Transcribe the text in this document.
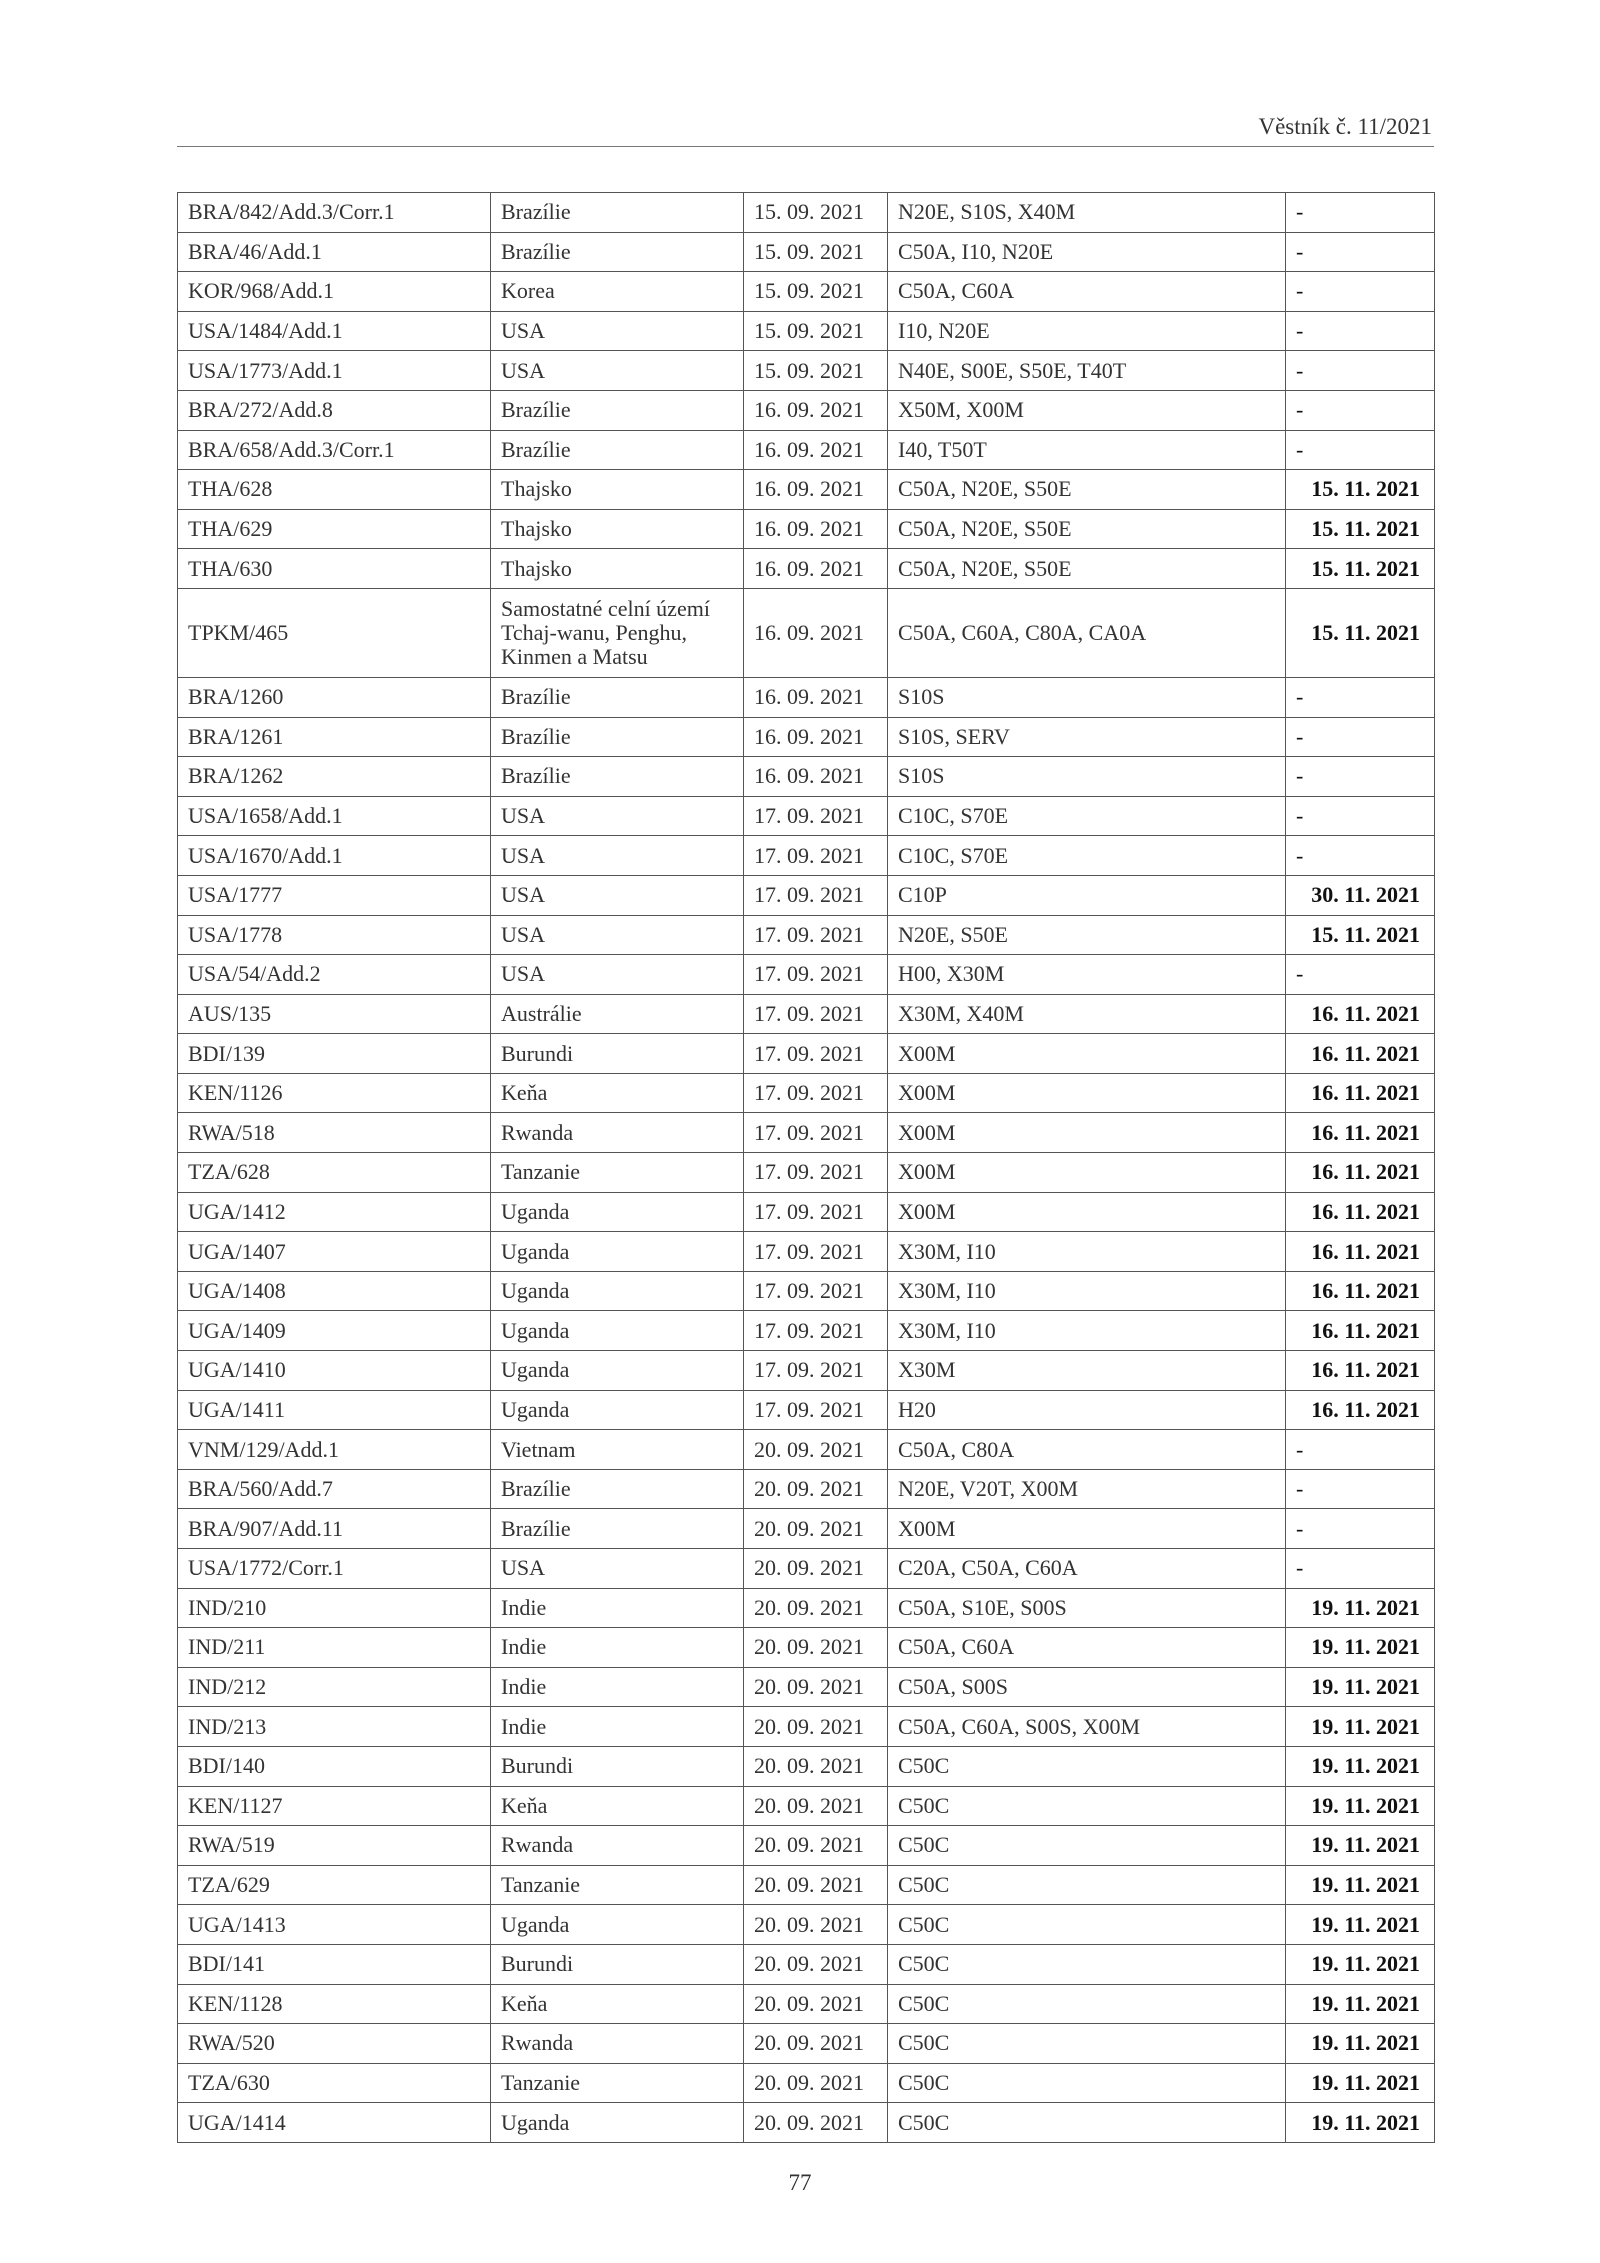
Věstník č. 11/2021
BRA/842/Add.3/Corr.1	Brazílie	15. 09. 2021	N20E, S10S, X40M	-
BRA/46/Add.1	Brazílie	15. 09. 2021	C50A, I10, N20E	-
KOR/968/Add.1	Korea	15. 09. 2021	C50A, C60A	-
USA/1484/Add.1	USA	15. 09. 2021	I10, N20E	-
USA/1773/Add.1	USA	15. 09. 2021	N40E, S00E, S50E, T40T	-
BRA/272/Add.8	Brazílie	16. 09. 2021	X50M, X00M	-
BRA/658/Add.3/Corr.1	Brazílie	16. 09. 2021	I40, T50T	-
THA/628	Thajsko	16. 09. 2021	C50A, N20E, S50E	15. 11. 2021
THA/629	Thajsko	16. 09. 2021	C50A, N20E, S50E	15. 11. 2021
THA/630	Thajsko	16. 09. 2021	C50A, N20E, S50E	15. 11. 2021
TPKM/465	Samostatné celní území Tchaj-wanu, Penghu, Kinmen a Matsu	16. 09. 2021	C50A, C60A, C80A, CA0A	15. 11. 2021
BRA/1260	Brazílie	16. 09. 2021	S10S	-
BRA/1261	Brazílie	16. 09. 2021	S10S, SERV	-
BRA/1262	Brazílie	16. 09. 2021	S10S	-
USA/1658/Add.1	USA	17. 09. 2021	C10C, S70E	-
USA/1670/Add.1	USA	17. 09. 2021	C10C, S70E	-
USA/1777	USA	17. 09. 2021	C10P	30. 11. 2021
USA/1778	USA	17. 09. 2021	N20E, S50E	15. 11. 2021
USA/54/Add.2	USA	17. 09. 2021	H00, X30M	-
AUS/135	Austrálie	17. 09. 2021	X30M, X40M	16. 11. 2021
BDI/139	Burundi	17. 09. 2021	X00M	16. 11. 2021
KEN/1126	Keňa	17. 09. 2021	X00M	16. 11. 2021
RWA/518	Rwanda	17. 09. 2021	X00M	16. 11. 2021
TZA/628	Tanzanie	17. 09. 2021	X00M	16. 11. 2021
UGA/1412	Uganda	17. 09. 2021	X00M	16. 11. 2021
UGA/1407	Uganda	17. 09. 2021	X30M, I10	16. 11. 2021
UGA/1408	Uganda	17. 09. 2021	X30M, I10	16. 11. 2021
UGA/1409	Uganda	17. 09. 2021	X30M, I10	16. 11. 2021
UGA/1410	Uganda	17. 09. 2021	X30M	16. 11. 2021
UGA/1411	Uganda	17. 09. 2021	H20	16. 11. 2021
VNM/129/Add.1	Vietnam	20. 09. 2021	C50A, C80A	-
BRA/560/Add.7	Brazílie	20. 09. 2021	N20E, V20T, X00M	-
BRA/907/Add.11	Brazílie	20. 09. 2021	X00M	-
USA/1772/Corr.1	USA	20. 09. 2021	C20A, C50A, C60A	-
IND/210	Indie	20. 09. 2021	C50A, S10E, S00S	19. 11. 2021
IND/211	Indie	20. 09. 2021	C50A, C60A	19. 11. 2021
IND/212	Indie	20. 09. 2021	C50A, S00S	19. 11. 2021
IND/213	Indie	20. 09. 2021	C50A, C60A, S00S, X00M	19. 11. 2021
BDI/140	Burundi	20. 09. 2021	C50C	19. 11. 2021
KEN/1127	Keňa	20. 09. 2021	C50C	19. 11. 2021
RWA/519	Rwanda	20. 09. 2021	C50C	19. 11. 2021
TZA/629	Tanzanie	20. 09. 2021	C50C	19. 11. 2021
UGA/1413	Uganda	20. 09. 2021	C50C	19. 11. 2021
BDI/141	Burundi	20. 09. 2021	C50C	19. 11. 2021
KEN/1128	Keňa	20. 09. 2021	C50C	19. 11. 2021
RWA/520	Rwanda	20. 09. 2021	C50C	19. 11. 2021
TZA/630	Tanzanie	20. 09. 2021	C50C	19. 11. 2021
UGA/1414	Uganda	20. 09. 2021	C50C	19. 11. 2021
77
